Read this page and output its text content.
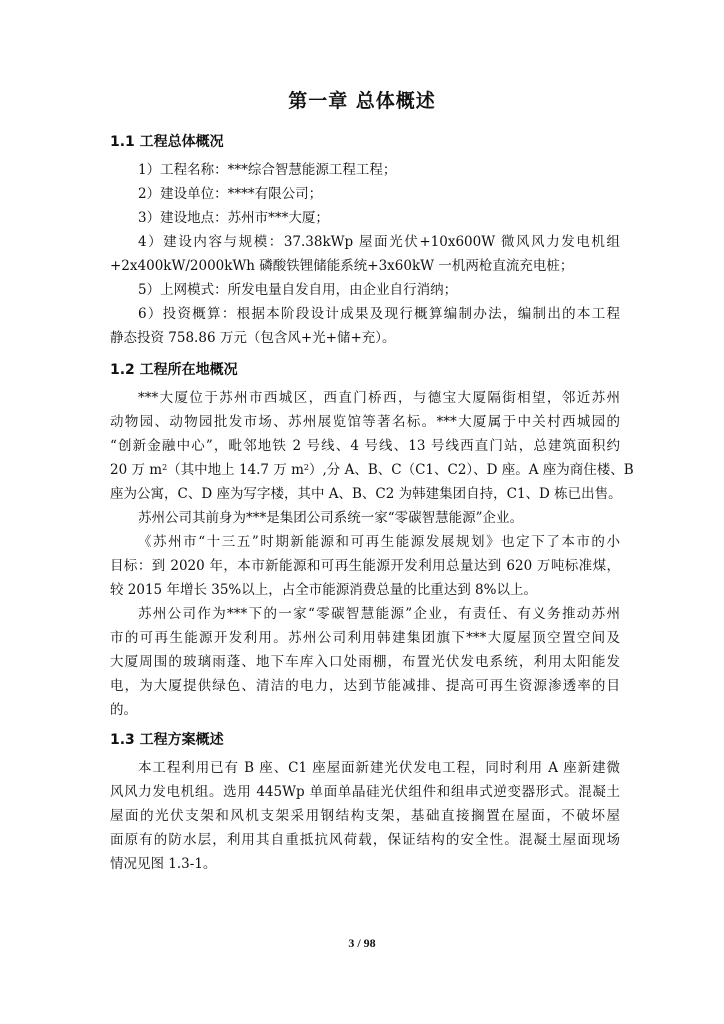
第一章 总体概述
1.1 工程总体概况
1）工程名称：***综合智慧能源工程工程；
2）建设单位：****有限公司；
3）建设地点：苏州市***大厦；
4）建设内容与规模：37.38kWp 屋面光伏+10x600W 微风风力发电机组
+2x400kW/2000kWh 磷酸铁锂储能系统+3x60kW 一机两枪直流充电桩；
5）上网模式：所发电量自发自用，由企业自行消纳；
6）投资概算：根据本阶段设计成果及现行概算编制办法，编制出的本工程
静态投资 758.86 万元（包含风+光+储+充）。
1.2 工程所在地概况
***大厦位于苏州市西城区，西直门桥西，与德宝大厦隔街相望，邻近苏州
动物园、动物园批发市场、苏州展览馆等著名标。***大厦属于中关村西城园的
“创新金融中心”，毗邻地铁 2 号线、4 号线、13 号线西直门站，总建筑面积约
20 万 $m^2$（其中地上 14.7 万 $m^2$）,分 A、B、C（C1、C2）、D 座。A 座为商住楼、B
座为公寓，C、D 座为写字楼，其中 A、B、C2 为韩建集团自持，C1、D 栋已出售。
苏州公司其前身为***是集团公司系统一家“零碳智慧能源”企业。
《苏州市“十三五”时期新能源和可再生能源发展规划》也定下了本市的小
目标：到 2020 年，本市新能源和可再生能源开发利用总量达到 620 万吨标准煤，
较 2015 年增长 35%以上，占全市能源消费总量的比重达到 8%以上。
苏州公司作为***下的一家“零碳智慧能源”企业，有责任、有义务推动苏州
市的可再生能源开发利用。苏州公司利用韩建集团旗下***大厦屋顶空置空间及
大厦周围的玻璃雨蓬、地下车库入口处雨棚，布置光伏发电系统，利用太阳能发
电，为大厦提供绿色、清洁的电力，达到节能减排、提高可再生资源渗透率的目
的。
1.3 工程方案概述
本工程利用已有 B 座、C1 座屋面新建光伏发电工程，同时利用 A 座新建微
风风力发电机组。选用 445Wp 单面单晶硅光伏组件和组串式逆变器形式。混凝土
屋面的光伏支架和风机支架采用钢结构支架，基础直接搁置在屋面，不破坏屋
面原有的防水层，利用其自重抵抗风荷载，保证结构的安全性。混凝土屋面现场
情况见图 1.3-1。
3 / 98
